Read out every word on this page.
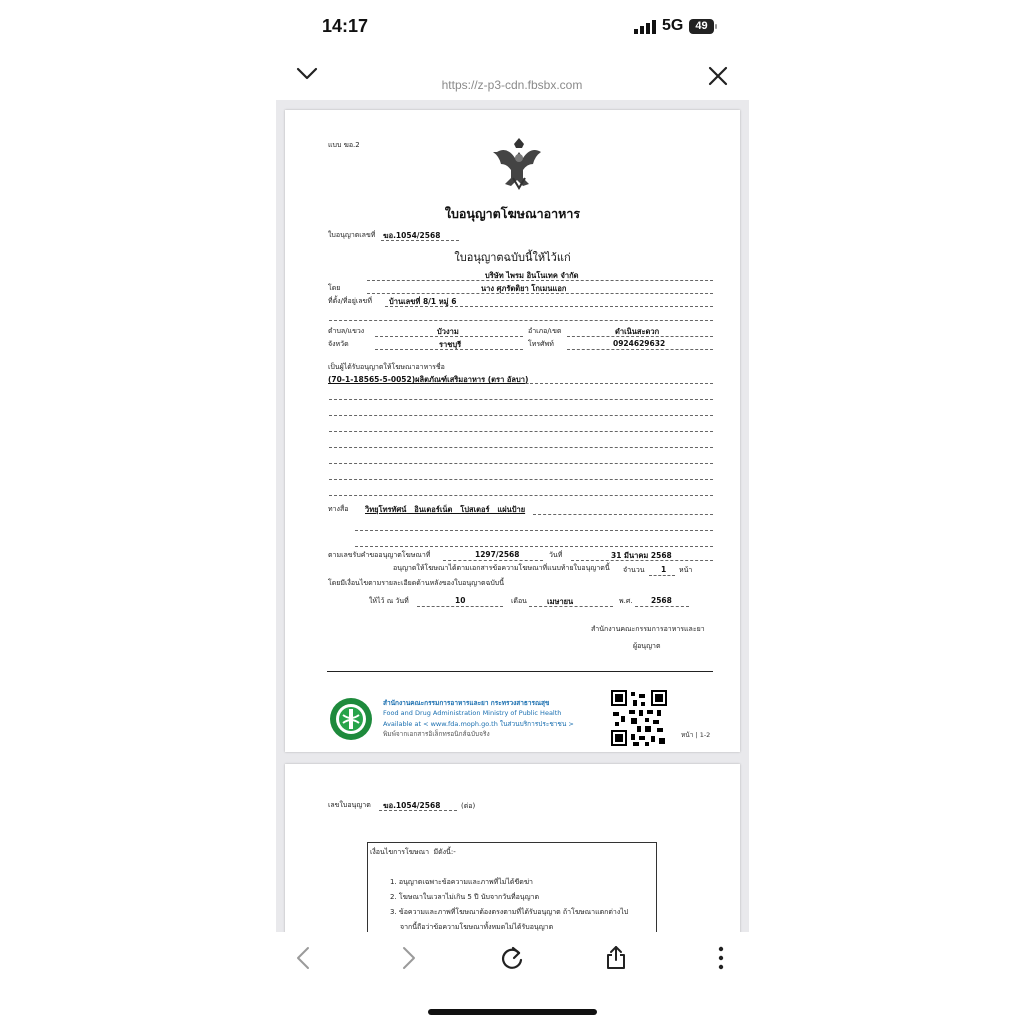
14:17	5G	49
https://z-p3-cdn.fbsbx.com
แบบ ฆอ.2
ใบอนุญาตโฆษณาอาหาร
ใบอนุญาตเลขที่ ฆอ.1054/2568
ใบอนุญาตฉบับนี้ให้ไว้แก่
บริษัท ไพรม อินโนเทค จำกัด
โดย	นาง ศุภรัตติยา โกเมนแอก
ที่ตั้ง/ที่อยู่เลขที่ บ้านเลขที่ 8/1 หมู่ 6
ตำบล/แขวง	บัวงาม	อำเภอ/เขต	ดำเนินสะดวก
จังหวัด	ราชบุรี	โทรศัพท์	0924629632
เป็นผู้ได้รับอนุญาตให้โฆษณาอาหารชื่อ
(70-1-18565-5-0052)ผลิตภัณฑ์เสริมอาหาร (ตรา อัลบา)
ทางสื่อ วิทยุโทรทัศน์   อินเตอร์เน็ต   โปสเตอร์   แผ่นป้าย
ตามเลขรับคำขออนุญาตโฆษณาที่	1297/2568	วันที่	31 มีนาคม 2568
อนุญาตให้โฆษณาได้ตามเอกสารข้อความโฆษณาที่แนบท้ายใบอนุญาตนี้ จำนวน 1 หน้า
โดยมีเงื่อนไขตามรายละเอียดด้านหลังของใบอนุญาตฉบับนี้
ให้ไว้ ณ วันที่	10	เดือน	เมษายน	พ.ศ. 2568
สำนักงานคณะกรรมการอาหารและยา
ผู้อนุญาต
สำนักงานคณะกรรมการอาหารและยา กระทรวงสาธารณสุข
Food and Drug Administration Ministry of Public Health
Available at < www.fda.moph.go.th ในส่วนบริการประชาชน >
พิมพ์จากเอกสารอิเล็กทรอนิกส์ฉบับจริง	หน้า | 1-2
เลขใบอนุญาต ฆอ.1054/2568	(ต่อ)
เงื่อนไขการโฆษณา  มีดังนี้:-
1. อนุญาตเฉพาะข้อความและภาพที่ไม่ได้ขีดฆ่า
2. โฆษณาในเวลาไม่เกิน 5 ปี นับจากวันที่อนุญาต
3. ข้อความและภาพที่โฆษณาต้องตรงตามที่ได้รับอนุญาต ถ้าโฆษณาแตกต่างไป
จากนี้ถือว่าข้อความโฆษณาทั้งหมดไม่ได้รับอนุญาต
